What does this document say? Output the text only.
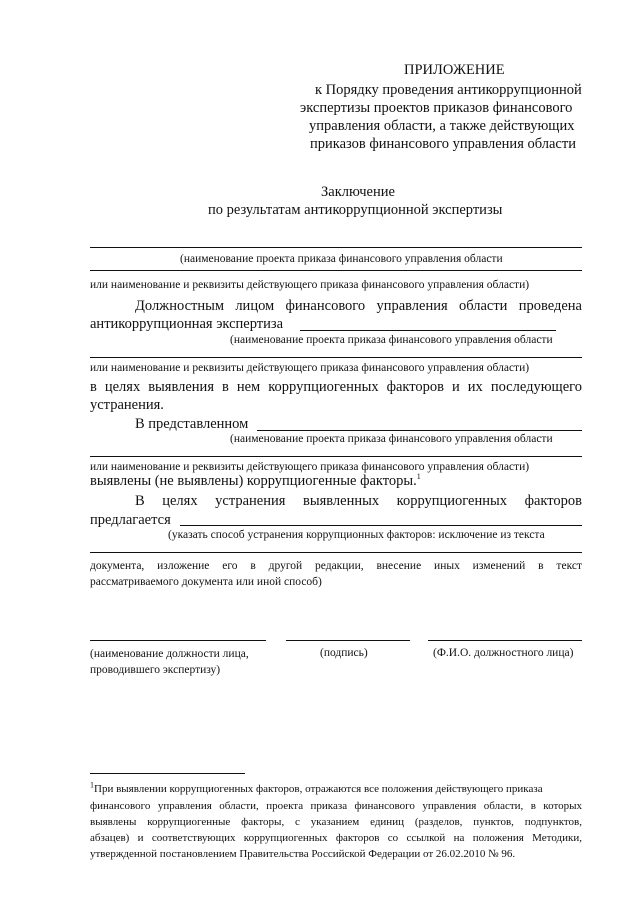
ПРИЛОЖЕНИЕ
к Порядку проведения антикоррупционной
экспертизы проектов приказов финансового
управления области, а также действующих
приказов финансового управления области
Заключение
по результатам антикоррупционной экспертизы
(наименование проекта приказа финансового управления области
или наименование и реквизиты действующего приказа финансового управления области)
Должностным лицом финансового управления области проведена
антикоррупционная экспертиза
(наименование проекта приказа финансового управления области
или наименование и реквизиты действующего приказа финансового управления области)
в целях выявления в нем коррупциогенных факторов и их последующего
устранения.
В представленном
(наименование проекта приказа финансового управления области
или наименование и реквизиты действующего приказа финансового управления области)
выявлены (не выявлены) коррупциогенные факторы.$^1$
В целях устранения выявленных коррупциогенных факторов
предлагается
(указать способ устранения коррупционных факторов: исключение из текста
документа, изложение его в другой редакции, внесение иных изменений в текст
рассматриваемого документа или иной способ)
(наименование должности лица,
проводившего экспертизу)
(подпись)	(Ф.И.О. должностного лица)
$^1$При выявлении коррупциогенных факторов, отражаются все положения действующего приказа
финансового управления области, проекта приказа финансового управления области, в которых
выявлены коррупциогенные факторы, с указанием единиц (разделов, пунктов, подпунктов,
абзацев) и соответствующих коррупциогенных факторов со ссылкой на положения Методики,
утвержденной постановлением Правительства Российской Федерации от 26.02.2010 № 96.
